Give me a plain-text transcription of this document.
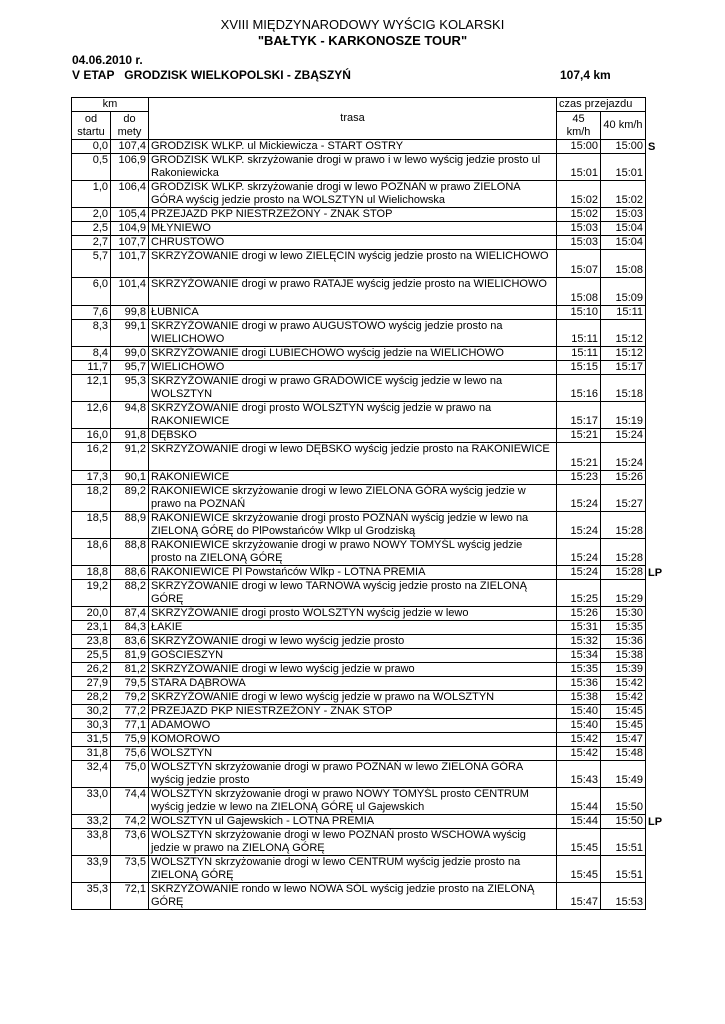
XVIII MIĘDZYNARODOWY WYŚCIG KOLARSKI
"BAŁTYK - KARKONOSZE TOUR"
04.06.2010 r.
V ETAP   GRODZISK WIELKOPOLSKI - ZBĄSZYŃ	107,4 km
km		trasa	czas przejazdu		
od startu	do mety		45 km/h	40 km/h	

0,0	107,4	GRODZISK WLKP. ul Mickiewicza - START OSTRY	15:00	15:00	S
0,5	106,9	GRODZISK WLKP. skrzyżowanie drogi w prawo i w lewo wyścig jedzie prosto ul Rakoniewicka	15:01	15:01	
1,0	106,4	GRODZISK WLKP. skrzyżowanie drogi w lewo POZNAŃ w prawo ZIELONA GÓRA wyścig jedzie prosto na WOLSZTYN ul Wielichowska	15:02	15:02	
2,0	105,4	PRZEJAZD PKP NIESTRZEŻONY - ZNAK STOP	15:02	15:03	
2,5	104,9	MŁYNIEWO	15:03	15:04	
2,7	107,7	CHRUSTOWO	15:03	15:04	
5,7	101,7	SKRZYŻOWANIE drogi w lewo ZIELĘCIN wyścig jedzie prosto na WIELICHOWO	15:07	15:08	
6,0	101,4	SKRZYŻOWANIE drogi w prawo RATAJE wyścig jedzie prosto na WIELICHOWO	15:08	15:09	
7,6	99,8	ŁUBNICA	15:10	15:11	
8,3	99,1	SKRZYŻOWANIE drogi w prawo AUGUSTOWO wyścig jedzie prosto na WIELICHOWO	15:11	15:12	
8,4	99,0	SKRZYŻOWANIE drogi LUBIECHOWO wyścig jedzie na WIELICHOWO	15:11	15:12	
11,7	95,7	WIELICHOWO	15:15	15:17	
12,1	95,3	SKRZYŻOWANIE drogi w prawo GRADOWICE wyścig jedzie w lewo na WOLSZTYN	15:16	15:18	
12,6	94,8	SKRZYŻOWANIE drogi prosto WOLSZTYN wyścig jedzie w prawo na RAKONIEWICE	15:17	15:19	
16,0	91,8	DĘBSKO	15:21	15:24	
16,2	91,2	SKRZYŻOWANIE drogi w lewo DĘBSKO wyścig jedzie prosto na RAKONIEWICE	15:21	15:24	
17,3	90,1	RAKONIEWICE	15:23	15:26	
18,2	89,2	RAKONIEWICE skrzyżowanie drogi w lewo ZIELONA GÓRA wyścig jedzie w prawo na POZNAŃ	15:24	15:27	
18,5	88,9	RAKONIEWICE skrzyżowanie drogi prosto POZNAŃ wyścig jedzie w lewo na ZIELONĄ GÓRĘ do PlPowstańców Wlkp ul Grodziską	15:24	15:28	
18,6	88,8	RAKONIEWICE skrzyżowanie drogi w prawo NOWY TOMYŚL wyścig jedzie prosto na ZIELONĄ GÓRĘ	15:24	15:28	
18,8	88,6	RAKONIEWICE Pl Powstańców Wlkp - LOTNA PREMIA	15:24	15:28	LP
19,2	88,2	SKRZYŻOWANIE drogi w lewo TARNOWA wyścig jedzie prosto na ZIELONĄ GÓRĘ	15:25	15:29	
20,0	87,4	SKRZYŻOWANIE drogi prosto WOLSZTYN wyścig jedzie w lewo	15:26	15:30	
23,1	84,3	ŁAKIE	15:31	15:35	
23,8	83,6	SKRZYŻOWANIE drogi w lewo wyścig jedzie prosto	15:32	15:36	
25,5	81,9	GOŚCIESZYN	15:34	15:38	
26,2	81,2	SKRZYŻOWANIE drogi w lewo wyścig jedzie w prawo	15:35	15:39	
27,9	79,5	STARA DĄBROWA	15:36	15:42	
28,2	79,2	SKRZYŻOWANIE drogi w lewo wyścig jedzie w prawo na WOLSZTYN	15:38	15:42	
30,2	77,2	PRZEJAZD PKP NIESTRZEŻONY - ZNAK STOP	15:40	15:45	
30,3	77,1	ADAMOWO	15:40	15:45	
31,5	75,9	KOMOROWO	15:42	15:47	
31,8	75,6	WOLSZTYN	15:42	15:48	
32,4	75,0	WOLSZTYN skrzyżowanie drogi w prawo POZNAŃ w lewo ZIELONA GÓRA wyścig jedzie prosto	15:43	15:49	
33,0	74,4	WOLSZTYN skrzyżowanie drogi w prawo NOWY TOMYŚL prosto CENTRUM wyścig jedzie w lewo na ZIELONĄ GÓRĘ ul Gajewskich	15:44	15:50	
33,2	74,2	WOLSZTYN ul Gajewskich - LOTNA PREMIA	15:44	15:50	LP
33,8	73,6	WOLSZTYN skrzyżowanie drogi w lewo POZNAŃ prosto WSCHOWA wyścig jedzie w prawo na ZIELONĄ GÓRĘ	15:45	15:51	
33,9	73,5	WOLSZTYN skrzyżowanie drogi w lewo CENTRUM wyścig jedzie prosto na ZIELONĄ GÓRĘ	15:45	15:51	
35,3	72,1	SKRZYŻOWANIE rondo w lewo NOWA SÓL wyścig jedzie prosto na ZIELONĄ GÓRĘ	15:47	15:53	
